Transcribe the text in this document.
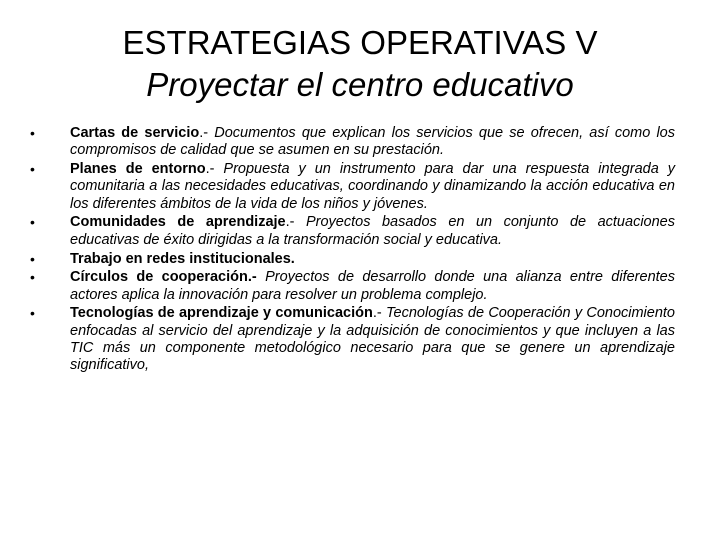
ESTRATEGIAS OPERATIVAS V
Proyectar el centro educativo
•	Cartas de servicio.- Documentos que explican los servicios que se ofrecen, así como los compromisos de calidad que se asumen en su prestación.
•	Planes de entorno.- Propuesta y un instrumento para dar una respuesta integrada y comunitaria a las necesidades educativas, coordinando y dinamizando la acción educativa en los diferentes ámbitos de la vida de los niños y jóvenes.
•	Comunidades de aprendizaje.- Proyectos basados en un conjunto de actuaciones educativas de éxito dirigidas a la transformación social y educativa.
•	Trabajo en redes institucionales.
•	Círculos de cooperación.- Proyectos de desarrollo donde una alianza entre diferentes actores aplica la innovación para resolver un problema complejo.
•	Tecnologías de aprendizaje y comunicación.- Tecnologías de Cooperación y Conocimiento enfocadas al servicio del aprendizaje y la adquisición de conocimientos y que incluyen a las TIC más un componente metodológico necesario para que se genere un aprendizaje significativo,
